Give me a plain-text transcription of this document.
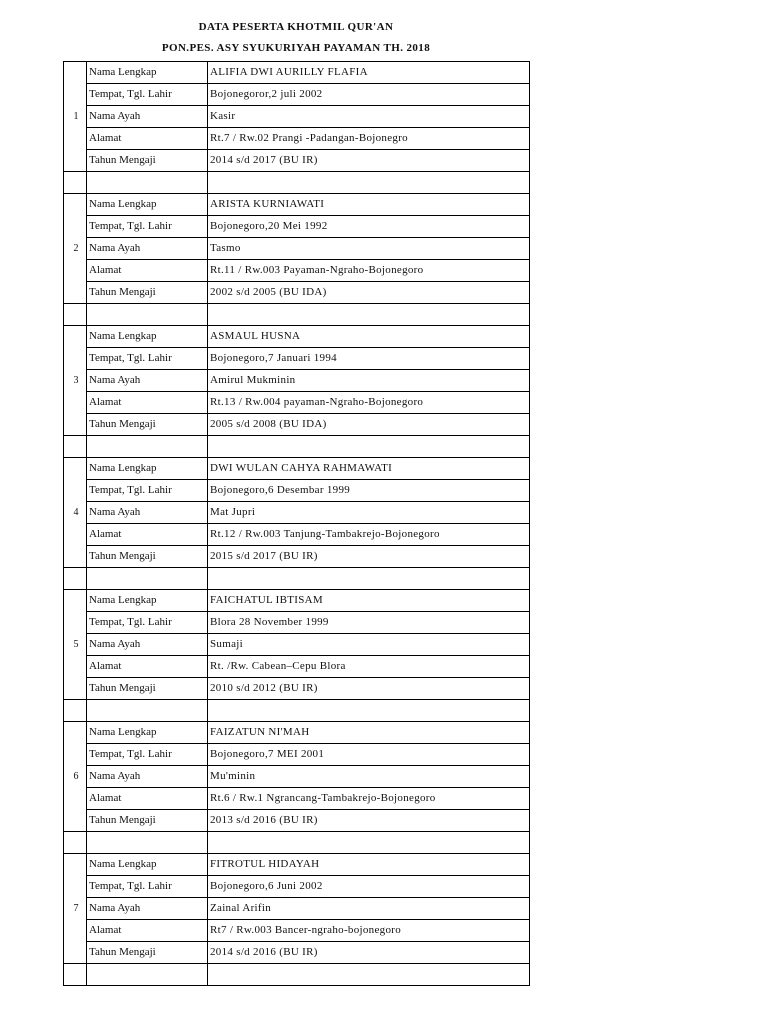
DATA PESERTA KHOTMIL QUR'AN
PON.PES. ASY SYUKURIYAH PAYAMAN TH. 2018
1	Nama Lengkap	ALIFIA DWI AURILLY FLAFIA
	Tempat, Tgl. Lahir	Bojonegoror,2 juli 2002
	Nama Ayah	Kasir
	Alamat	Rt.7 / Rw.02 Prangi -Padangan-Bojonegro
	Tahun Mengaji	2014 s/d 2017 (BU IR)

2	Nama Lengkap	ARISTA KURNIAWATI
	Tempat, Tgl. Lahir	Bojonegoro,20 Mei 1992
	Nama Ayah	Tasmo
	Alamat	Rt.11 / Rw.003 Payaman-Ngraho-Bojonegoro
	Tahun Mengaji	2002 s/d 2005 (BU IDA)

3	Nama Lengkap	ASMAUL HUSNA
	Tempat, Tgl. Lahir	Bojonegoro,7 Januari 1994
	Nama Ayah	Amirul Mukminin
	Alamat	Rt.13 / Rw.004 payaman-Ngraho-Bojonegoro
	Tahun Mengaji	2005 s/d 2008 (BU IDA)

4	Nama Lengkap	DWI WULAN CAHYA RAHMAWATI
	Tempat, Tgl. Lahir	Bojonegoro,6 Desembar 1999
	Nama Ayah	Mat Jupri
	Alamat	Rt.12 / Rw.003 Tanjung-Tambakrejo-Bojonegoro
	Tahun Mengaji	2015 s/d 2017 (BU IR)

5	Nama Lengkap	FAICHATUL IBTISAM
	Tempat, Tgl. Lahir	Blora 28 November 1999
	Nama Ayah	Sumaji
	Alamat	Rt. /Rw. Cabean–Cepu Blora
	Tahun Mengaji	2010 s/d 2012 (BU IR)

6	Nama Lengkap	FAIZATUN NI'MAH
	Tempat, Tgl. Lahir	Bojonegoro,7 MEI 2001
	Nama Ayah	Mu'minin
	Alamat	Rt.6 / Rw.1 Ngrancang-Tambakrejo-Bojonegoro
	Tahun Mengaji	2013 s/d 2016 (BU IR)

7	Nama Lengkap	FITROTUL HIDAYAH
	Tempat, Tgl. Lahir	Bojonegoro,6 Juni 2002
	Nama Ayah	Zainal Arifin
	Alamat	Rt7 / Rw.003 Bancer-ngraho-bojonegoro
	Tahun Mengaji	2014 s/d 2016 (BU IR)
